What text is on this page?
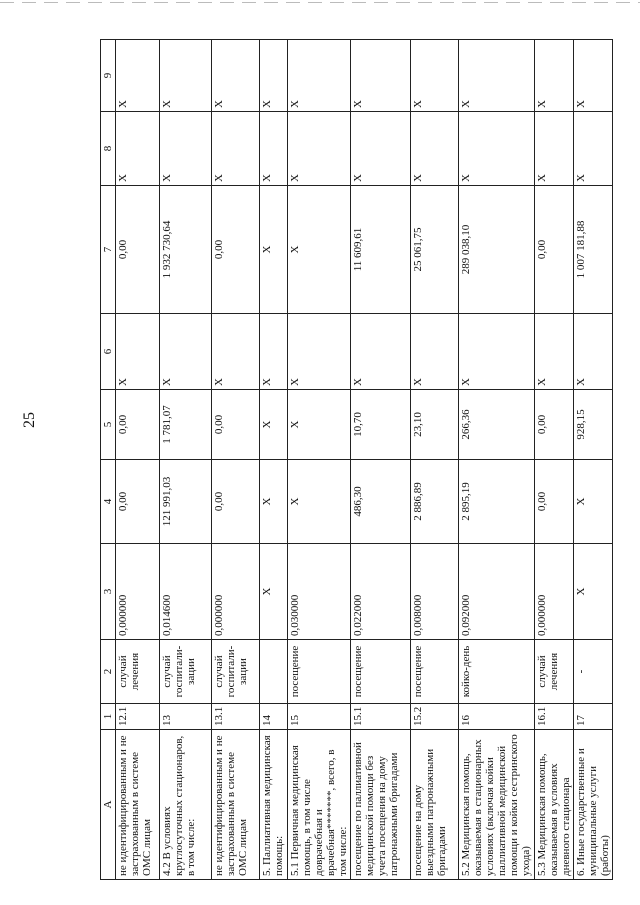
25
A	1	2	3	4	5	6	7	8	9
не идентифицированным и не застрахованным в системе ОМС лицам	12.1	случай лечения	0,000000	0,00	0,00	X	0,00	X	X
4.2 В условиях круглосуточных стационаров, в том числе:	13	случай госпитали-зации	0,014600	121 991,03	1 781,07	X	1 932 730,64	X	X
не идентифицированным и не застрахованным в системе ОМС лицам	13.1	случай госпитали-зации	0,000000	0,00	0,00	X	0,00	X	X
5. Паллиативная медицинская помощь:	14		X	X	X	X	X	X	X
5.1 Первичная медицинская помощь, в том числе доврачебная и врачебная*******, всего, в том числе:	15	посещение	0,030000	X	X	X	X	X	X
посещение по паллиативной медицинской помощи без учета посещения на дому патронажными бригадами	15.1	посещение	0,022000	486,30	10,70	X	11 609,61	X	X
посещение на дому выездными патронажными бригадами	15.2	посещение	0,008000	2 886,89	23,10	X	25 061,75	X	X
5.2 Медицинская помощь, оказываемая в стационарных условиях (включая койки паллиативной медицинской помощи и койки сестринского ухода)	16	койко-день	0,092000	2 895,19	266,36	X	289 038,10	X	X
5.3 Медицинская помощь, оказываемая в условиях дневного стационара	16.1	случай лечения	0,000000	0,00	0,00	X	0,00	X	X
6. Иные государственные и муниципальные услуги (работы)	17	-	X	X	928,15	X	1 007 181,88	X	X
